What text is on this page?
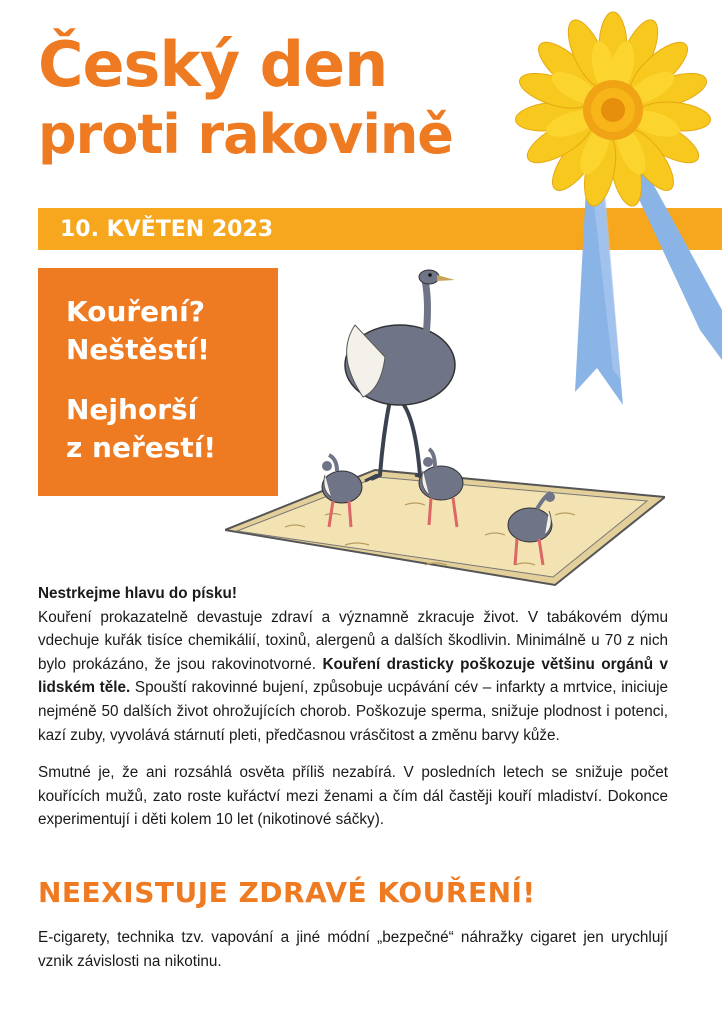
Český den
proti rakovině
10. KVĚTEN 2023
Kouření?
Neštěstí!
Nejhorší
z neřestí!

Nestrkejme hlavu do písku!

Kouření prokazatelně devastuje zdraví a významně zkracuje život. V tabákovém dýmu vdechuje kuřák tisíce chemikálií, toxinů, alergenů a dalších škodlivin. Minimálně u 70 z nich bylo prokázáno, že jsou rakovinotvorné. Kouření drasticky poškozuje většinu orgánů v lidském těle. Spouští rakovinné bujení, způsobuje ucpávání cév – infarkty a mrtvice, iniciuje nejméně 50 dalších život ohrožujících chorob. Poškozuje sperma, snižuje plodnost i potenci, kazí zuby, vyvolává stárnutí pleti, předčasnou vrásčitost a změnu barvy kůže.

Smutné je, že ani rozsáhlá osvěta příliš nezabírá. V posledních letech se snižuje počet kouřících mužů, zato roste kuřáctví mezi ženami a čím dál častěji kouří mladiství. Dokonce experimentují i děti kolem 10 let (nikotinové sáčky).

NEEXISTUJE ZDRAVÉ KOUŘENÍ!

E-cigarety, technika tzv. vapování a jiné módní „bezpečné“ náhražky cigaret jen urychlují vznik závislosti na nikotinu.
